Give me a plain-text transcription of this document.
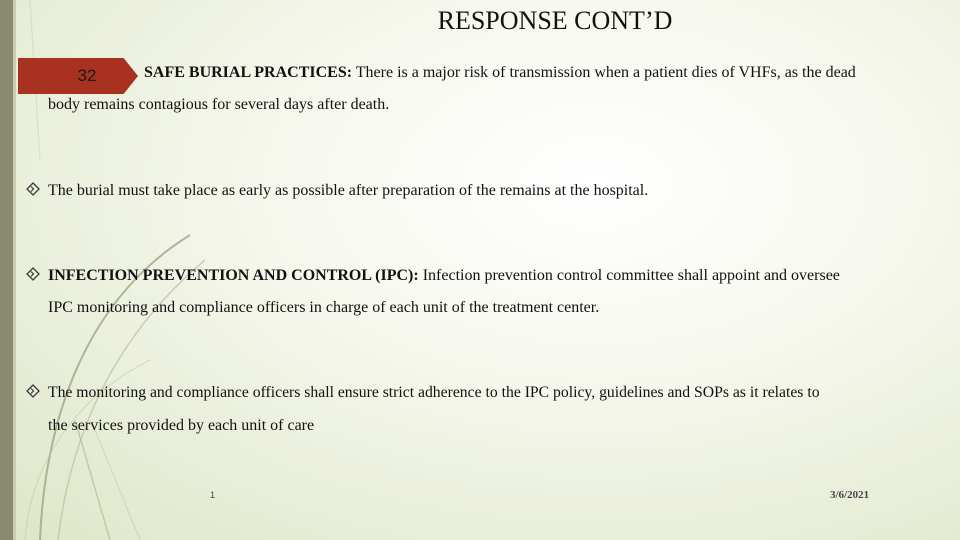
32
RESPONSE CONT’D
SAFE BURIAL PRACTICES: There is a major risk of transmission when a patient dies of VHFs, as the dead
body remains contagious for several days after death.
The burial must take place as early as possible after preparation of the remains at the hospital.
INFECTION PREVENTION AND CONTROL (IPC): Infection prevention control committee shall appoint and oversee
IPC monitoring and compliance officers in charge of each unit of the treatment center.
The monitoring and compliance officers shall ensure strict adherence to the IPC policy, guidelines and SOPs as it relates to
the services provided by each unit of care
1	3/6/2021
